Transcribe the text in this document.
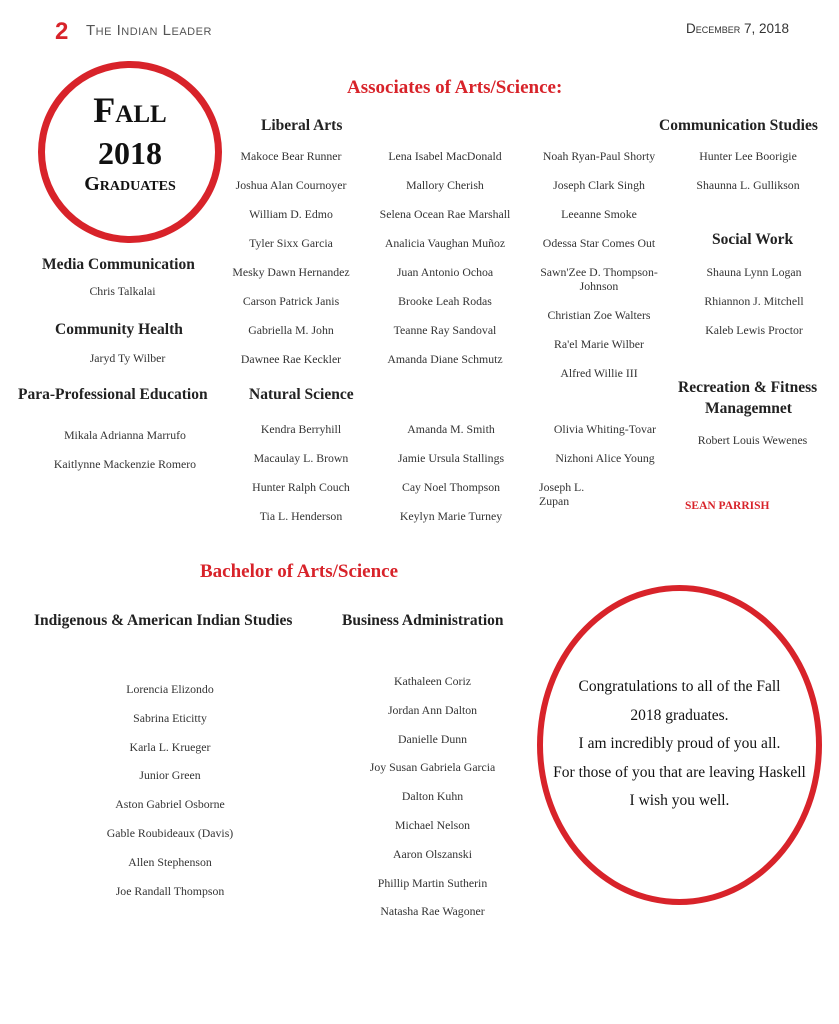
2 The Indian Leader	December 7, 2018
Fall
2018
Graduates
Associates of Arts/Science:
Liberal Arts
Makoce Bear Runner
Joshua Alan Cournoyer
William D. Edmo
Tyler Sixx Garcia
Mesky Dawn Hernandez
Carson Patrick Janis
Gabriella M. John
Dawnee Rae Keckler
Lena Isabel MacDonald
Mallory Cherish
Selena Ocean Rae Marshall
Analicia Vaughan Muñoz
Juan Antonio Ochoa
Brooke Leah Rodas
Teanne Ray Sandoval
Amanda Diane Schmutz
Noah Ryan-Paul Shorty
Joseph Clark Singh
Leeanne Smoke
Odessa Star Comes Out
Sawn'Zee D. Thompson-
Johnson
Christian Zoe Walters
Ra'el Marie Wilber
Alfred Willie III
Communication Studies
Hunter Lee Boorigie
Shaunna L. Gullikson
Social Work
Shauna Lynn Logan
Rhiannon J. Mitchell
Kaleb Lewis Proctor
Media Communication
Chris Talkalai
Community Health
Jaryd Ty Wilber
Para-Professional Education
Mikala Adrianna Marrufo
Kaitlynne Mackenzie Romero
Natural Science
Kendra Berryhill
Macaulay L. Brown
Hunter Ralph Couch
Tia L. Henderson
Amanda M. Smith
Jamie Ursula Stallings
Cay Noel Thompson
Keylyn Marie Turney
Olivia Whiting-Tovar
Nizhoni Alice Young
Joseph L.
Zupan
Recreation & Fitness
Managemnet
Robert Louis Wewenes
SEAN PARRISH
Bachelor of Arts/Science
Indigenous & American Indian Studies
Lorencia Elizondo
Sabrina Eticitty
Karla L. Krueger
Junior Green
Aston Gabriel Osborne
Gable Roubideaux (Davis)
Allen Stephenson
Joe Randall Thompson
Business Administration
Kathaleen Coriz
Jordan Ann Dalton
Danielle Dunn
Joy Susan Gabriela Garcia
Dalton Kuhn
Michael Nelson
Aaron Olszanski
Phillip Martin Sutherin
Natasha Rae Wagoner
Congratulations to all of the Fall
2018 graduates.
I am incredibly proud of you all.
For those of you that are leaving Haskell
I wish you well.
